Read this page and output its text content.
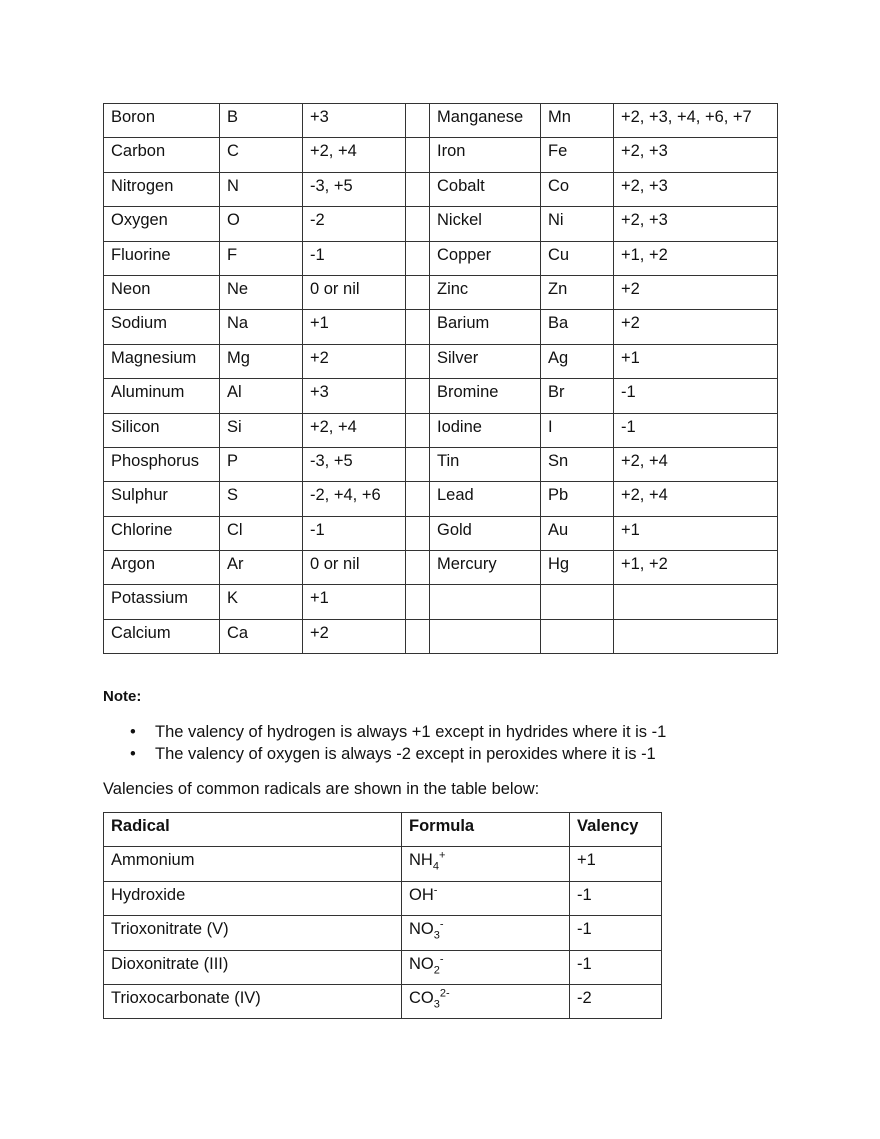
Boron	B	+3		Manganese	Mn	+2, +3, +4, +6, +7
Carbon	C	+2, +4		Iron	Fe	+2, +3
Nitrogen	N	-3, +5		Cobalt	Co	+2, +3
Oxygen	O	-2		Nickel	Ni	+2, +3
Fluorine	F	-1		Copper	Cu	+1, +2
Neon	Ne	0 or nil		Zinc	Zn	+2
Sodium	Na	+1		Barium	Ba	+2
Magnesium	Mg	+2		Silver	Ag	+1
Aluminum	Al	+3		Bromine	Br	-1
Silicon	Si	+2, +4		Iodine	I	-1
Phosphorus	P	-3, +5		Tin	Sn	+2, +4
Sulphur	S	-2, +4, +6		Lead	Pb	+2, +4
Chlorine	Cl	-1		Gold	Au	+1
Argon	Ar	0 or nil		Mercury	Hg	+1, +2
Potassium	K	+1				
Calcium	Ca	+2				
Note:
• The valency of hydrogen is always +1 except in hydrides where it is -1
• The valency of oxygen is always -2 except in peroxides where it is -1
Valencies of common radicals are shown in the table below:
Radical	Formula	Valency
Ammonium	$NH_4^+$	+1
Hydroxide	OH-	-1
Trioxonitrate (V)	$NO_3^-$	-1
Dioxonitrate (III)	$NO_2^-$	-1
Trioxocarbonate (IV)	$CO_3^{2-}$	-2
